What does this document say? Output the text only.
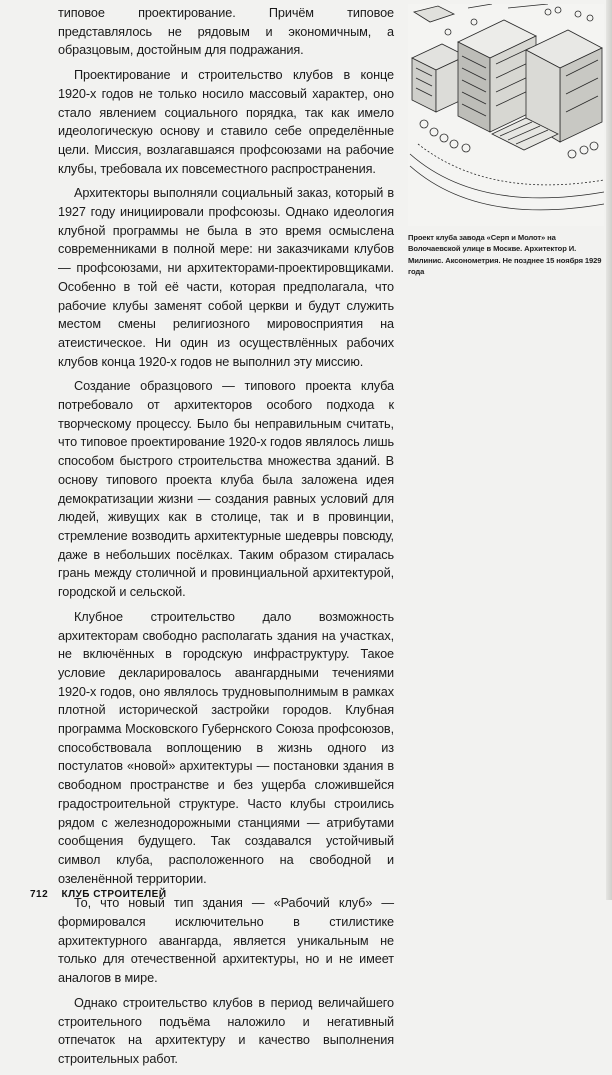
типовое проектирование. Причём типовое представлялось не рядовым и экономичным, а образцовым, достойным для подражания.

Проектирование и строительство клубов в конце 1920-х годов не только носило массовый характер, оно стало явлением социального порядка, так как имело идеологическую основу и ставило себе определённые цели. Миссия, возлагавшаяся профсоюзами на рабочие клубы, требовала их повсеместного распространения.

Архитекторы выполняли социальный заказ, который в 1927 году инициировали профсоюзы. Однако идеология клубной программы не была в это время осмыслена современниками в полной мере: ни заказчиками клубов — профсоюзами, ни архитекторами-проектировщиками. Особенно в той её части, которая предполагала, что рабочие клубы заменят собой церкви и будут служить местом смены религиозного мировосприятия на атеистическое. Ни один из осуществлённых рабочих клубов конца 1920-х годов не выполнил эту миссию.

Создание образцового — типового проекта клуба потребовало от архитекторов особого подхода к творческому процессу. Было бы неправильным считать, что типовое проектирование 1920-х годов являлось лишь способом быстрого строительства множества зданий. В основу типового проекта клуба была заложена идея демократизации жизни — создания равных условий для людей, живущих как в столице, так и в провинции, стремление возводить архитектурные шедевры повсюду, даже в небольших посёлках. Таким образом стиралась грань между столичной и провинциальной архитектурой, городской и сельской.

Клубное строительство дало возможность архитекторам свободно располагать здания на участках, не включённых в городскую инфраструктуру. Такое условие декларировалось авангардными течениями 1920-х годов, оно являлось трудновыполнимым в рамках плотной исторической застройки городов. Клубная программа Московского Губернского Союза профсоюзов, способствовала воплощению в жизнь одного из постулатов «новой» архитектуры — постановки здания в свободном пространстве и без ущерба сложившейся градостроительной структуре. Часто клубы строились рядом с железнодорожными станциями — атрибутами сообщения будущего. Так создавался устойчивый символ клуба, расположенного на свободной и озеленённой территории.

То, что новый тип здания — «Рабочий клуб» — формировался исключительно в стилистике архитектурного авангарда, является уникальным не только для отечественной архитектуры, но и не имеет аналогов в мире.

Однако строительство клубов в период величайшего строительного подъёма наложило и негативный отпечаток на архитектуру и качество выполнения строительных работ.

Проект клуба завода «Серп и Молот» на Волочаевской улице в Москве. Архитектор И. Милинис. Аксонометрия. Не позднее 15 ноября 1929 года
712 КЛУБ СТРОИТЕЛЕЙ
